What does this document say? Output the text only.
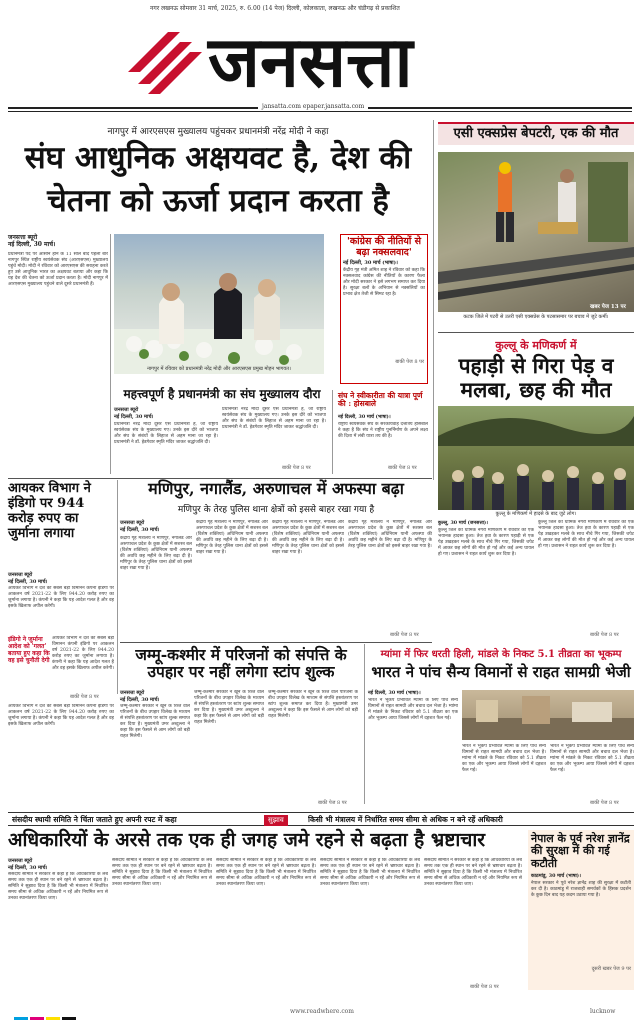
नगर लखनऊ सोमवार 31 मार्च, 2025, रु. 6.00 (14 पेज) दिल्ली, कोलकाता, लखनऊ और चंडीगढ़ से प्रकाशित
जनसत्ता
jansatta.com epaper.jansatta.com
नागपुर में आरएसएस मुख्यालय पहुंचकर प्रधानमंत्री नरेंद्र मोदी ने कहा
संघ आधुनिक अक्षयवट है, देश की
चेतना को ऊर्जा प्रदान करता है
जनसत्ता ब्यूरो
नई दिल्ली, 30 मार्च।
प्रधानमंत्री पद पर आसीन होने के 11 साल बाद पहली बार नागपुर स्थित राष्ट्रीय स्वयंसेवक संघ (आरएसएस) मुख्यालय पहुंचे मोदी। मोदी ने रविवार को आरएसएस की सराहना करते हुए उसे आधुनिक भारत का अक्षयवट बताया और कहा कि यह देश की चेतना को ऊर्जा प्रदान करता है। मोदी नागपुर में आरएसएस मुख्यालय पहुंचने वाले दूसरे प्रधानमंत्री हैं।
नागपुर में रविवार को प्रधानमंत्री नरेंद्र मोदी और आरएसएस प्रमुख मोहन भागवत।
'कांग्रेस की नीतियों से बढ़ा नक्सलवाद'
नई दिल्ली, 30 मार्च (भाषा)।
केंद्रीय गृह मंत्री अमित शाह ने रविवार को कहा कि नक्सलवाद कांग्रेस की नीतियों के कारण फैला और मोदी सरकार ने इसे लगभग समाप्त कर दिया है। सुरक्षा बलों के अभियान से नक्सलियों का प्रभाव क्षेत्र तेजी से सिमट रहा है।
बाकी पेज 8 पर
महत्त्वपूर्ण है प्रधानमंत्री का संघ मुख्यालय दौरा
जनसत्ता ब्यूरो
नई दिल्ली, 30 मार्च।
प्रधानमंत्री नरेंद्र मोदी दूसरे ऐसे प्रधानमंत्री हैं, जो राष्ट्रीय स्वयंसेवक संघ के मुख्यालय गए। उनके इस दौरे को भाजपा और संघ के संबंधों के लिहाज से अहम माना जा रहा है। प्रधानमंत्री ने डॉ. हेडगेवार स्मृति मंदिर जाकर श्रद्धांजलि दी।
प्रधानमंत्री नरेंद्र मोदी दूसरे ऐसे प्रधानमंत्री हैं, जो राष्ट्रीय स्वयंसेवक संघ के मुख्यालय गए। उनके इस दौरे को भाजपा और संघ के संबंधों के लिहाज से अहम माना जा रहा है। प्रधानमंत्री ने डॉ. हेडगेवार स्मृति मंदिर जाकर श्रद्धांजलि दी।
बाकी पेज 8 पर
संघ ने स्वीकारीता की यात्रा पूर्ण की : होसबाले
नई दिल्ली, 30 मार्च (भाषा)।
राष्ट्रीय स्वयंसेवक संघ के सरकार्यवाह दत्तात्रेय होसबाले ने कहा है कि संघ ने राष्ट्रीय पुनर्निर्माण के अपने लक्ष्य की दिशा में लंबी यात्रा तय की है।
बाकी पेज 8 पर
एसी एक्सप्रेस बेपटरी, एक की मौत
खबर पेज 13 पर
कटक जिले में पटरी से उतरी एसी एक्सप्रेस के पटसासमार पर बचाव में जुटे कर्मी।
कुल्लू के मणिकर्ण में
पहाड़ी से गिरा पेड़ व मलबा, छह की मौत
कुल्लू के मणिकर्ण में हादसे के बाद जुटे लोग।
आयकर विभाग ने इंडिगो पर 944 करोड़ रुपए का जुर्माना लगाया
जनसत्ता ब्यूरो
नई दिल्ली, 30 मार्च।
आयकर विभाग ने देश की सबसे बड़ी विमानन कंपनी इंडिगो पर आकलन वर्ष 2021-22 के लिए 944.20 करोड़ रुपए का जुर्माना लगाया है। कंपनी ने कहा कि यह आदेश गलत है और वह इसके खिलाफ अपील करेगी।
इंडिगो ने जुर्माना आदेश को 'गलत' बताया हुए कहा कि वह इसे चुनौती देगी
आयकर विभाग ने देश की सबसे बड़ी विमानन कंपनी इंडिगो पर आकलन वर्ष 2021-22 के लिए 944.20 करोड़ रुपए का जुर्माना लगाया है। कंपनी ने कहा कि यह आदेश गलत है और वह इसके खिलाफ अपील करेगी।
बाकी पेज 8 पर
मणिपुर, नगालैंड, अरुणाचल में अफस्पा बढ़ा
मणिपुर के तेरह पुलिस थाना क्षेत्रों को इससे बाहर रखा गया है
जनसत्ता ब्यूरो
नई दिल्ली, 30 मार्च।
केंद्रीय गृह मंत्रालय ने मणिपुर, नगालैंड और अरुणाचल प्रदेश के कुछ क्षेत्रों में सशस्त्र बल (विशेष शक्तियां) अधिनियम यानी अफस्पा की अवधि छह महीने के लिए बढ़ा दी है। मणिपुर के तेरह पुलिस थाना क्षेत्रों को इससे बाहर रखा गया है।
केंद्रीय गृह मंत्रालय ने मणिपुर, नगालैंड और अरुणाचल प्रदेश के कुछ क्षेत्रों में सशस्त्र बल (विशेष शक्तियां) अधिनियम यानी अफस्पा की अवधि छह महीने के लिए बढ़ा दी है। मणिपुर के तेरह पुलिस थाना क्षेत्रों को इससे बाहर रखा गया है।
केंद्रीय गृह मंत्रालय ने मणिपुर, नगालैंड और अरुणाचल प्रदेश के कुछ क्षेत्रों में सशस्त्र बल (विशेष शक्तियां) अधिनियम यानी अफस्पा की अवधि छह महीने के लिए बढ़ा दी है। मणिपुर के तेरह पुलिस थाना क्षेत्रों को इससे बाहर रखा गया है।
केंद्रीय गृह मंत्रालय ने मणिपुर, नगालैंड और अरुणाचल प्रदेश के कुछ क्षेत्रों में सशस्त्र बल (विशेष शक्तियां) अधिनियम यानी अफस्पा की अवधि छह महीने के लिए बढ़ा दी है। मणिपुर के तेरह पुलिस थाना क्षेत्रों को इससे बाहर रखा गया है।
बाकी पेज 8 पर
कुल्लू, 30 मार्च (जनसत्ता)।
कुल्लू जिले की धार्मिक नगरी मणिकर्ण में रविवार को एक भयानक हादसा हुआ। तेज हवा के कारण पहाड़ी से एक पेड़ उखड़कर मलबे के साथ नीचे गिर गया, जिसकी चपेट में आकर छह लोगों की मौत हो गई और कई अन्य घायल हो गए। प्रशासन ने राहत कार्य शुरू कर दिया है।
कुल्लू जिले की धार्मिक नगरी मणिकर्ण में रविवार को एक भयानक हादसा हुआ। तेज हवा के कारण पहाड़ी से एक पेड़ उखड़कर मलबे के साथ नीचे गिर गया, जिसकी चपेट में आकर छह लोगों की मौत हो गई और कई अन्य घायल हो गए। प्रशासन ने राहत कार्य शुरू कर दिया है।
बाकी पेज 8 पर
जम्मू-कश्मीर में परिजनों को संपत्ति के उपहार पर नहीं लगेगा स्टांप शुल्क
जनसत्ता ब्यूरो
नई दिल्ली, 30 मार्च।
जम्मू-कश्मीर सरकार ने खून के रिश्ते वाले परिजनों के बीच उपहार विलेख के माध्यम से संपत्ति हस्तांतरण पर स्टांप शुल्क समाप्त कर दिया है। मुख्यमंत्री उमर अब्दुल्ला ने कहा कि इस फैसले से आम लोगों को बड़ी राहत मिलेगी।
जम्मू-कश्मीर सरकार ने खून के रिश्ते वाले परिजनों के बीच उपहार विलेख के माध्यम से संपत्ति हस्तांतरण पर स्टांप शुल्क समाप्त कर दिया है। मुख्यमंत्री उमर अब्दुल्ला ने कहा कि इस फैसले से आम लोगों को बड़ी राहत मिलेगी।
जम्मू-कश्मीर सरकार ने खून के रिश्ते वाले परिजनों के बीच उपहार विलेख के माध्यम से संपत्ति हस्तांतरण पर स्टांप शुल्क समाप्त कर दिया है। मुख्यमंत्री उमर अब्दुल्ला ने कहा कि इस फैसले से आम लोगों को बड़ी राहत मिलेगी।
बाकी पेज 8 पर
आयकर विभाग ने देश की सबसे बड़ी विमानन कंपनी इंडिगो पर आकलन वर्ष 2021-22 के लिए 944.20 करोड़ रुपए का जुर्माना लगाया है। कंपनी ने कहा कि यह आदेश गलत है और वह इसके खिलाफ अपील करेगी।
म्यांमा में फिर धरती हिली, मांडले के निकट 5.1 तीव्रता का भूकम्प
भारत ने पांच सैन्य विमानों से राहत सामग्री भेजी
नई दिल्ली, 30 मार्च (भाषा)।
भारत ने भूकंप प्रभावित म्यांमा के लिए पांच सैन्य विमानों से राहत सामग्री और बचाव दल भेजा है। म्यांमा में मांडले के निकट रविवार को 5.1 तीव्रता का एक और भूकम्प आया जिससे लोगों में दहशत फैल गई।
भारत ने भूकंप प्रभावित म्यांमा के लिए पांच सैन्य विमानों से राहत सामग्री और बचाव दल भेजा है। म्यांमा में मांडले के निकट रविवार को 5.1 तीव्रता का एक और भूकम्प आया जिससे लोगों में दहशत फैल गई।
भारत ने भूकंप प्रभावित म्यांमा के लिए पांच सैन्य विमानों से राहत सामग्री और बचाव दल भेजा है। म्यांमा में मांडले के निकट रविवार को 5.1 तीव्रता का एक और भूकम्प आया जिससे लोगों में दहशत फैल गई।
बाकी पेज 8 पर
संसदीय स्थायी समिति ने चिंता जताते हुए अपनी रपट में कहा	सुझाव	किसी भी मंत्रालय में निर्धारित समय सीमा से अधिक न बने रहें अधिकारी
अधिकारियों के अरसे तक एक ही जगह जमे रहने से बढ़ता है भ्रष्टाचार
जनसत्ता ब्यूरो
नई दिल्ली, 30 मार्च।
संसदीय समिति ने सरकार से कहा है कि अधिकारियों के लंबे समय तक एक ही स्थान पर बने रहने से भ्रष्टाचार बढ़ता है। समिति ने सुझाव दिया है कि किसी भी मंत्रालय में निर्धारित समय सीमा से अधिक अधिकारी न रहें और नियमित रूप से उनका स्थानांतरण किया जाए।
संसदीय समिति ने सरकार से कहा है कि अधिकारियों के लंबे समय तक एक ही स्थान पर बने रहने से भ्रष्टाचार बढ़ता है। समिति ने सुझाव दिया है कि किसी भी मंत्रालय में निर्धारित समय सीमा से अधिक अधिकारी न रहें और नियमित रूप से उनका स्थानांतरण किया जाए।
संसदीय समिति ने सरकार से कहा है कि अधिकारियों के लंबे समय तक एक ही स्थान पर बने रहने से भ्रष्टाचार बढ़ता है। समिति ने सुझाव दिया है कि किसी भी मंत्रालय में निर्धारित समय सीमा से अधिक अधिकारी न रहें और नियमित रूप से उनका स्थानांतरण किया जाए।
संसदीय समिति ने सरकार से कहा है कि अधिकारियों के लंबे समय तक एक ही स्थान पर बने रहने से भ्रष्टाचार बढ़ता है। समिति ने सुझाव दिया है कि किसी भी मंत्रालय में निर्धारित समय सीमा से अधिक अधिकारी न रहें और नियमित रूप से उनका स्थानांतरण किया जाए।
संसदीय समिति ने सरकार से कहा है कि अधिकारियों के लंबे समय तक एक ही स्थान पर बने रहने से भ्रष्टाचार बढ़ता है। समिति ने सुझाव दिया है कि किसी भी मंत्रालय में निर्धारित समय सीमा से अधिक अधिकारी न रहें और नियमित रूप से उनका स्थानांतरण किया जाए।
बाकी पेज 8 पर
नेपाल के पूर्व नरेश ज्ञानेंद्र की सुरक्षा में की गई कटौती
काठमांडू, 30 मार्च (भाषा)।
नेपाल सरकार ने पूर्व नरेश ज्ञानेंद्र शाह की सुरक्षा में कटौती कर दी है। काठमांडू में राजशाही समर्थकों के हिंसक प्रदर्शन के कुछ दिन बाद यह कदम उठाया गया है।
दूसरी खबर पेज 9 पर
www.readwhere.com	lucknow
